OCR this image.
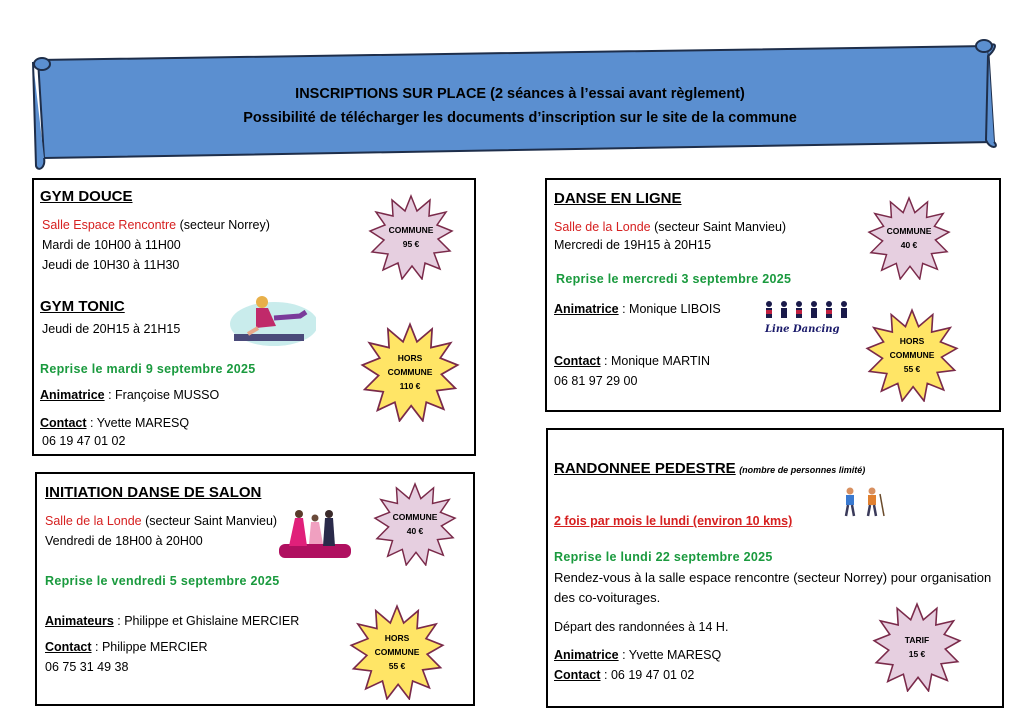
INSCRIPTIONS SUR PLACE (2 séances à l’essai avant règlement)
Possibilité de télécharger les documents d’inscription sur le site de la commune
GYM DOUCE
Salle Espace Rencontre (secteur Norrey)
Mardi de 10H00 à 11H00
Jeudi de 10H30 à 11H30
GYM TONIC
Jeudi de 20H15 à 21H15
Reprise le mardi 9 septembre 2025
Animatrice : Françoise MUSSO
Contact : Yvette MARESQ
06 19 47 01 02
COMMUNE
95 €
HORS
COMMUNE
110 €
INITIATION DANSE DE SALON
Salle de la Londe (secteur Saint Manvieu)
Vendredi de 18H00 à 20H00
Reprise le vendredi 5 septembre 2025
Animateurs : Philippe et Ghislaine MERCIER
Contact : Philippe MERCIER
06 75 31 49 38
COMMUNE
40 €
HORS
COMMUNE
55 €
DANSE EN LIGNE
Salle de la Londe (secteur Saint Manvieu)
Mercredi de 19H15 à 20H15
Reprise le mercredi 3 septembre 2025
Animatrice : Monique LIBOIS
Contact : Monique MARTIN
06 81 97 29 00
Line Dancing
COMMUNE
40 €
HORS
COMMUNE
55 €
RANDONNEE PEDESTRE (nombre de personnes limité)
2 fois par mois le lundi (environ 10 kms)
Reprise le lundi 22 septembre 2025
Rendez-vous à la salle espace rencontre (secteur Norrey) pour organisation
des co-voiturages.
Départ des randonnées à 14 H.
Animatrice : Yvette MARESQ
Contact : 06 19 47 01 02
TARIF
15 €
